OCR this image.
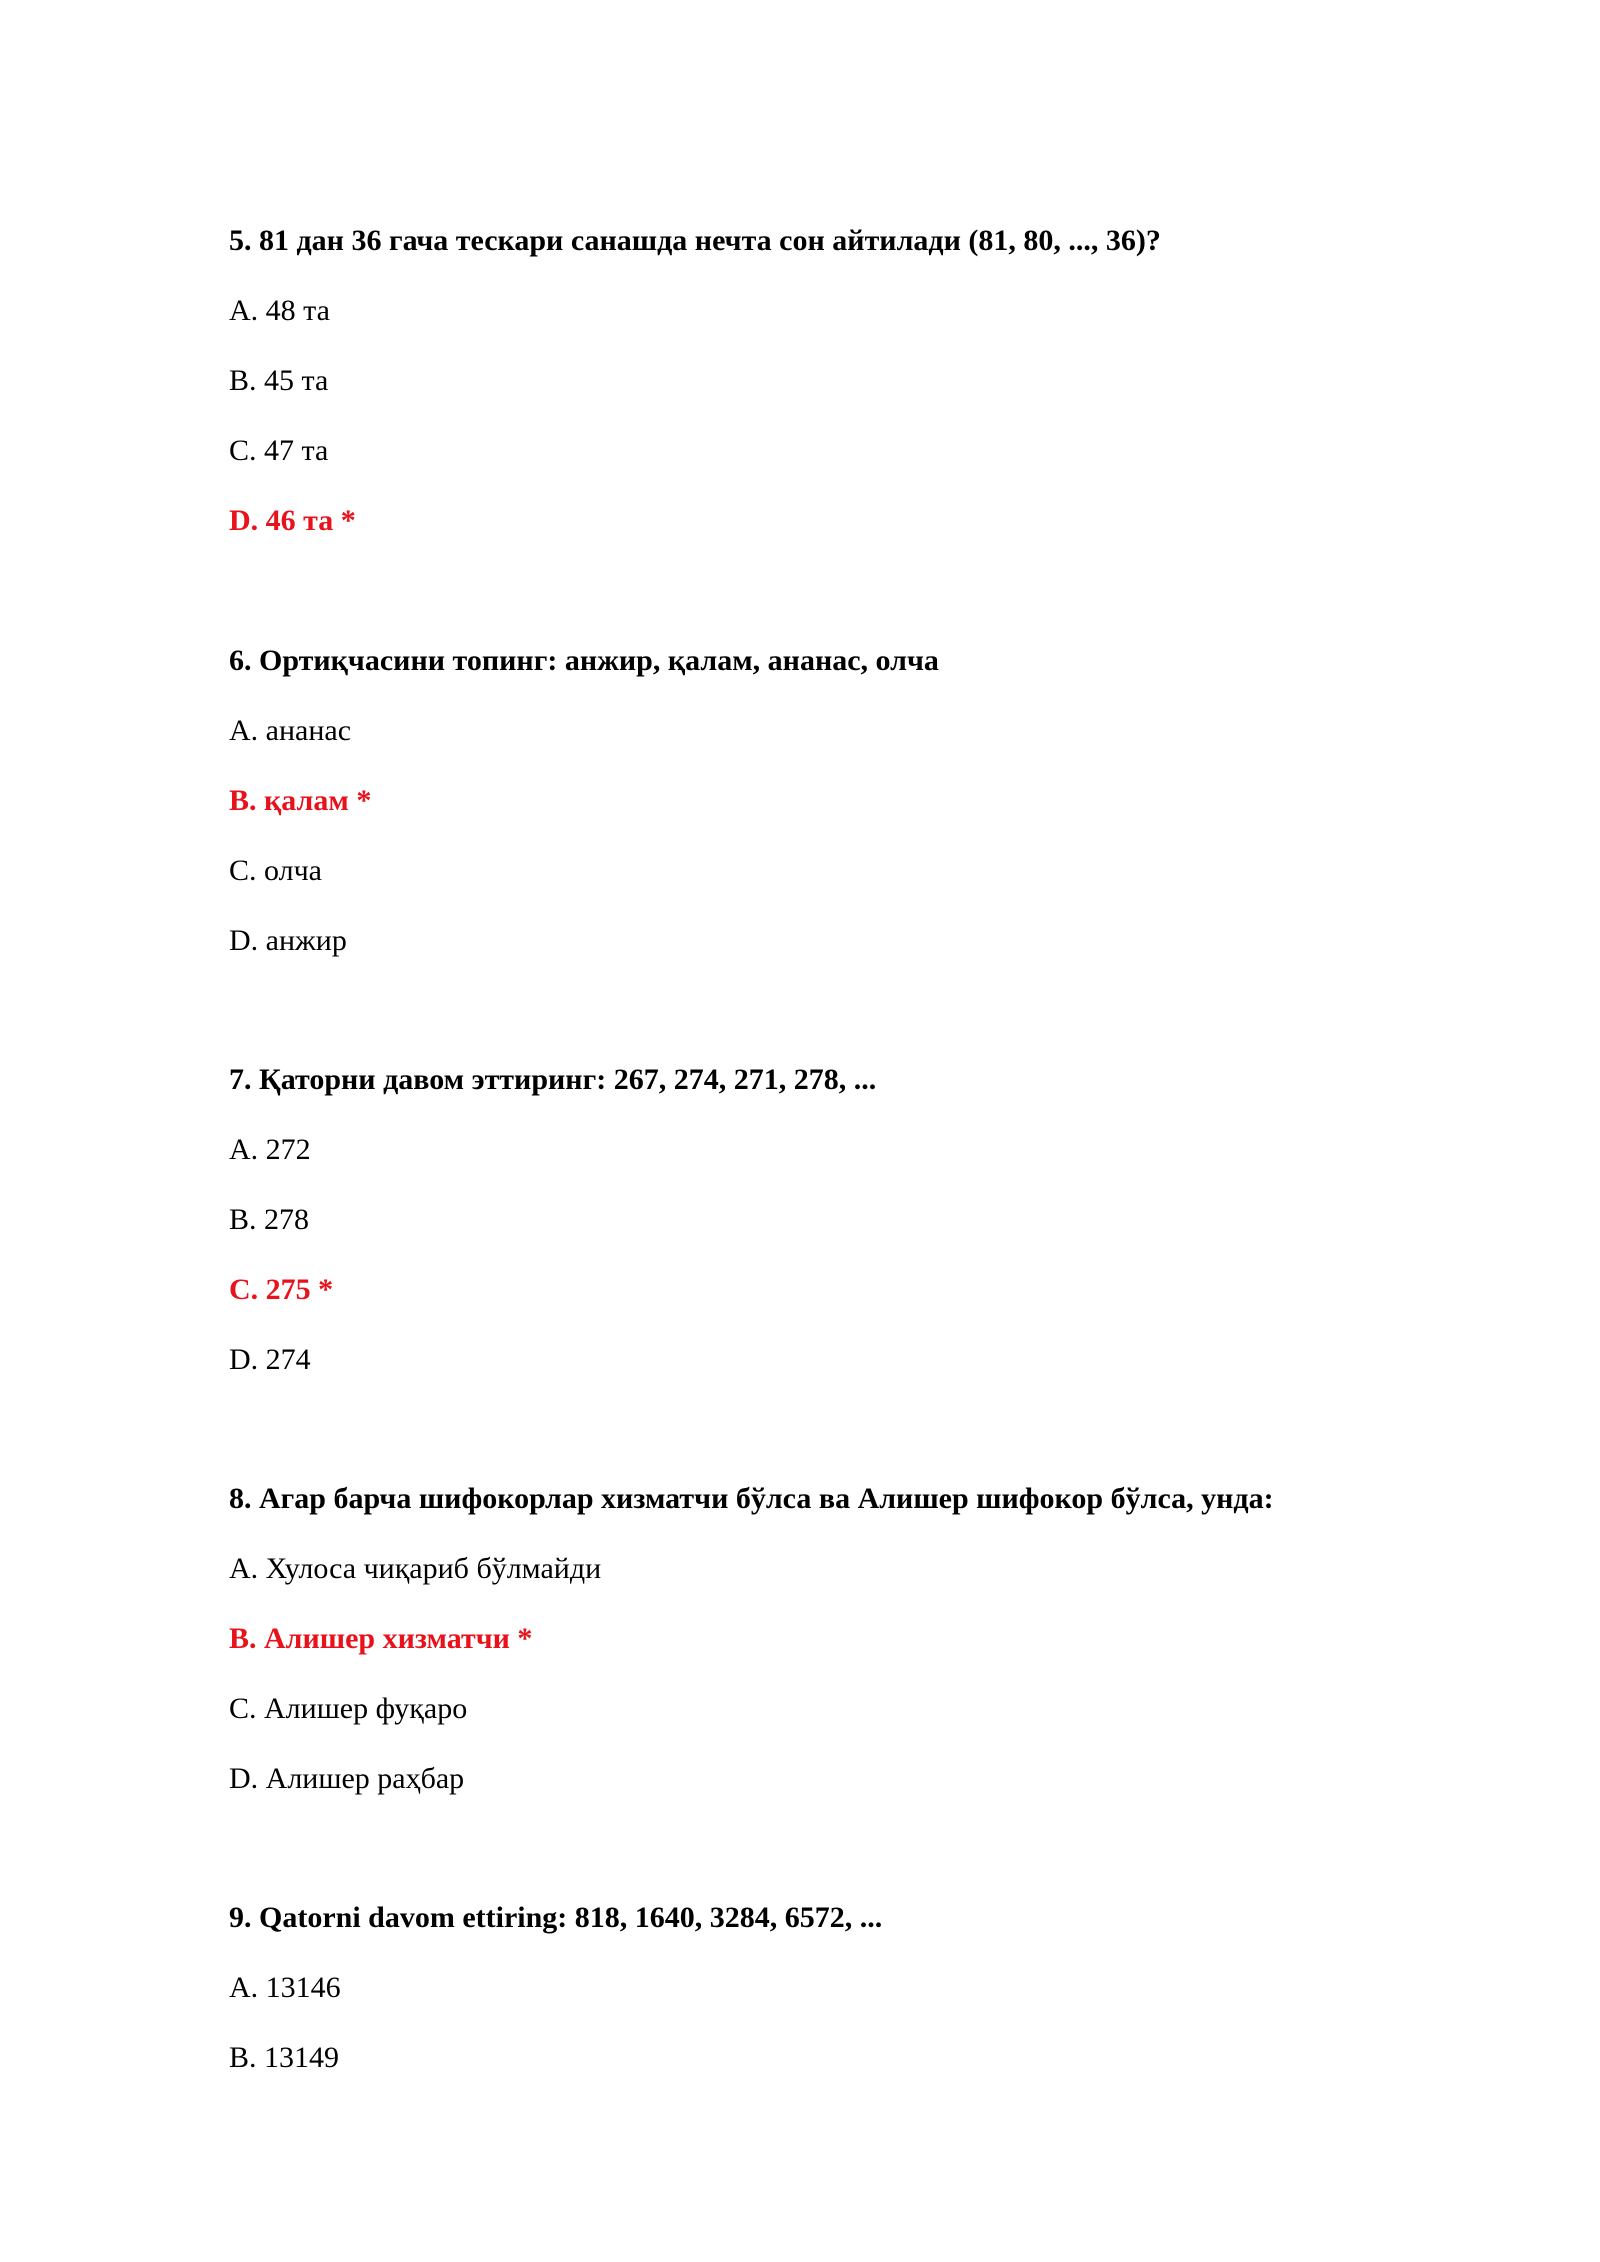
5. 81 дан 36 гача тескари санашда нечта сон айтилади (81, 80, ..., 36)?
A. 48 та
B. 45 та
C. 47 та
D. 46 та *
6. Ортиқчасини топинг: анжир, қалам, ананас, олча
A. ананас
B. қалам *
C. олча
D. анжир
7. Қаторни давом эттиринг: 267, 274, 271, 278, ...
A. 272
B. 278
C. 275 *
D. 274
8. Агар барча шифокорлар хизматчи бўлса ва Алишер шифокор бўлса, унда:
A. Хулоса чиқариб бўлмайди
B. Алишер хизматчи *
C. Алишер фуқаро
D. Алишер раҳбар
9. Qatorni davom ettiring: 818, 1640, 3284, 6572, ...
A. 13146
B. 13149
